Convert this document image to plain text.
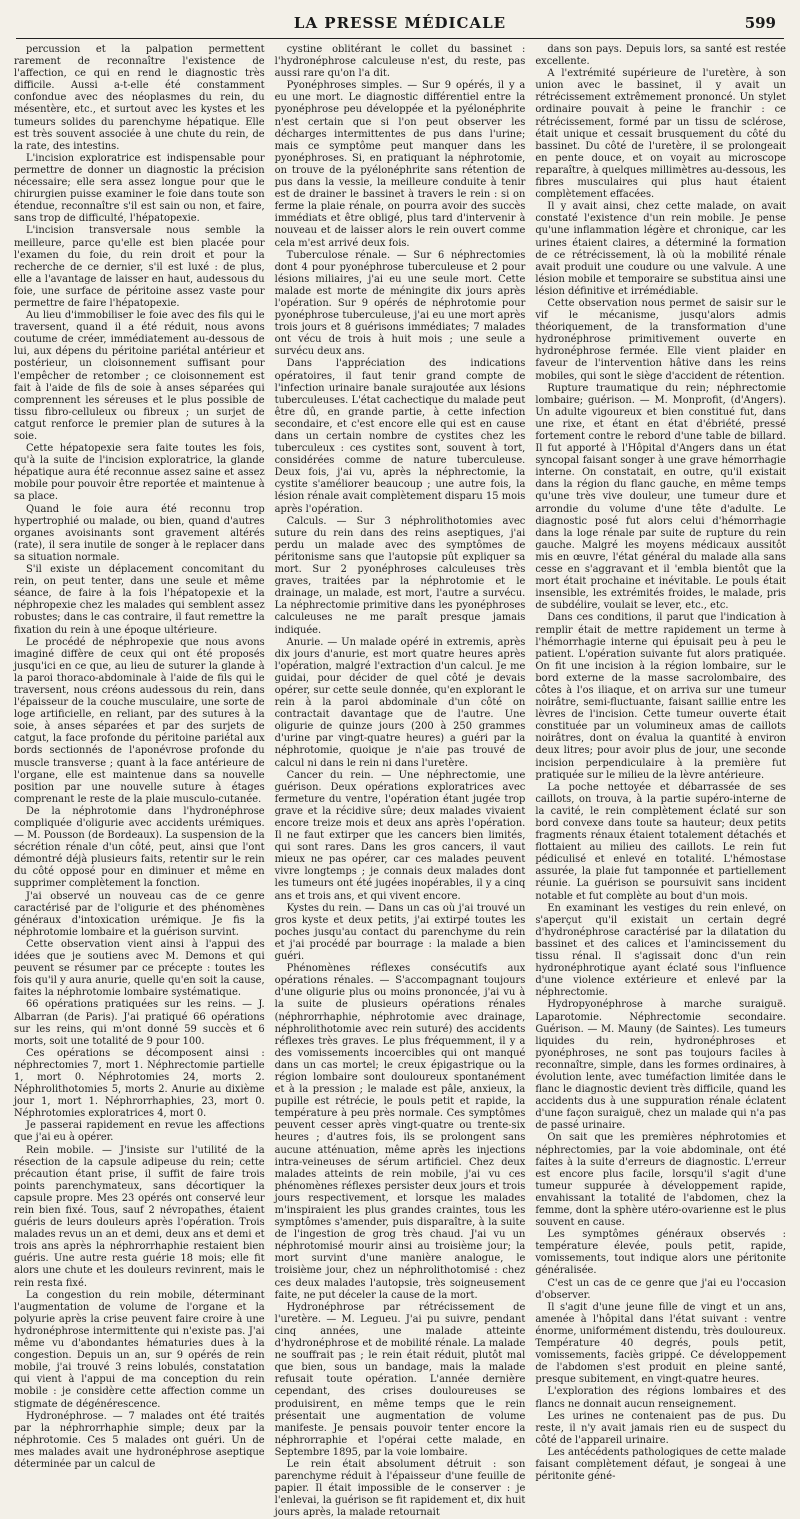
LA PRESSE MÉDICALE	599

percussion et la palpation permettent rarement de reconnaître l'existence de l'affection, ce qui en rend le diagnostic très difficile. Aussi a-t-elle été constamment confondue avec des néoplasmes du rein, du mésentère, etc., et surtout avec les kystes et les tumeurs solides du parenchyme hépatique. Elle est très souvent associée à une chute du rein, de la rate, des intestins.

L'incision exploratrice est indispensable pour permettre de donner un diagnostic la précision nécessaire; elle sera assez longue pour que le chirurgien puisse examiner le foie dans toute son étendue, reconnaître s'il est sain ou non, et faire, sans trop de difficulté, l'hépatopexie.

L'incision transversale nous semble la meilleure, parce qu'elle est bien placée pour l'examen du foie, du rein droit et pour la recherche de ce dernier, s'il est luxé : de plus, elle a l'avantage de laisser en haut, audessous du foie, une surface de péritoine assez vaste pour permettre de faire l'hépatopexie.

Au lieu d'immobiliser le foie avec des fils qui le traversent, quand il a été réduit, nous avons coutume de créer, immédiatement au-dessous de lui, aux dépens du péritoine pariétal antérieur et postérieur, un cloisonnement suffisant pour l'empêcher de retomber ; ce cloisonnement est fait à l'aide de fils de soie à anses séparées qui comprennent les séreuses et le plus possible de tissu fibro-celluleux ou fibreux ; un surjet de catgut renforce le premier plan de sutures à la soie.

Cette hépatopexie sera faite toutes les fois, qu'à la suite de l'incision exploratrice, la glande hépatique aura été reconnue assez saine et assez mobile pour pouvoir être reportée et maintenue à sa place.

Quand le foie aura été reconnu trop hypertrophié ou malade, ou bien, quand d'autres organes avoisinants sont gravement altérés (rate), il sera inutile de songer à le replacer dans sa situation normale.

S'il existe un déplacement concomitant du rein, on peut tenter, dans une seule et même séance, de faire à la fois l'hépatopexie et la néphropexie chez les malades qui semblent assez robustes; dans le cas contraire, il faut remettre la fixation du rein à une époque ultérieure.

Le procédé de néphropexie que nous avons imaginé diffère de ceux qui ont été proposés jusqu'ici en ce que, au lieu de suturer la glande à la paroi thoraco-abdominale à l'aide de fils qui le traversent, nous créons audessous du rein, dans l'épaisseur de la couche musculaire, une sorte de loge artificielle, en reliant, par des sutures à la soie, à anses séparées et par des surjets de catgut, la face profonde du péritoine pariétal aux bords sectionnés de l'aponévrose profonde du muscle transverse ; quant à la face antérieure de l'organe, elle est maintenue dans sa nouvelle position par une nouvelle suture à étages comprenant le reste de la plaie musculo-cutanée.

De la néphrotomie dans l'hydronéphrose compliquée d'oligurie avec accidents urémiques. — M. Pousson (de Bordeaux). La suspension de la sécrétion rénale d'un côté, peut, ainsi que l'ont démontré déjà plusieurs faits, retentir sur le rein du côté opposé pour en diminuer et même en supprimer complètement la fonction.

J'ai observé un nouveau cas de ce genre caractérisé par de l'oligurie et des phénomènes généraux d'intoxication urémique. Je fis la néphrotomie lombaire et la guérison survint.

Cette observation vient ainsi à l'appui des idées que je soutiens avec M. Demons et qui peuvent se résumer par ce précepte : toutes les fois qu'il y aura anurie, quelle qu'en soit la cause, faites la néphrotomie lombaire systématique.

66 opérations pratiquées sur les reins. — J. Albarran (de Paris). J'ai pratiqué 66 opérations sur les reins, qui m'ont donné 59 succès et 6 morts, soit une totalité de 9 pour 100.

Ces opérations se décomposent ainsi : néphrectomies 7, mort 1. Néphrectomie partielle 1, mort 0. Néphrotomies 24, morts 2. Néphrolithotomies 5, morts 2. Anurie au dixième jour 1, mort 1. Néphrorrhaphies, 23, mort 0. Néphrotomies exploratrices 4, mort 0.

Je passerai rapidement en revue les affections que j'ai eu à opérer.

Rein mobile. — J'insiste sur l'utilité de la résection de la capsule adipeuse du rein; cette précaution étant prise, il suffit de faire trois points parenchymateux, sans décortiquer la capsule propre. Mes 23 opérés ont conservé leur rein bien fixé. Tous, sauf 2 névropathes, étaient guéris de leurs douleurs après l'opération. Trois malades revus un an et demi, deux ans et demi et trois ans après la néphrorrhaphie restaient bien guéris. Une autre resta guérie 18 mois; elle fit alors une chute et les douleurs revinrent, mais le rein resta fixé.

La congestion du rein mobile, déterminant l'augmentation de volume de l'organe et la polyurie après la crise peuvent faire croire à une hydronéphrose intermittente qui n'existe pas. J'ai même vu d'abondantes hématuries dues à la congestion. Depuis un an, sur 9 opérés de rein mobile, j'ai trouvé 3 reins lobulés, constatation qui vient à l'appui de ma conception du rein mobile : je considère cette affection comme un stigmate de dégénérescence.

Hydronéphrose. — 7 malades ont été traités par la néphrorrhaphie simple; deux par la néphrotomie. Ces 5 malades ont guéri. Un de mes malades avait une hydronéphrose aseptique déterminée par un calcul de

cystine oblitérant le collet du bassinet : l'hydronéphrose calculeuse n'est, du reste, pas aussi rare qu'on l'a dit.

Pyonéphroses simples. — Sur 9 opérés, il y a eu une mort. Le diagnostic différentiel entre la pyonéphrose peu développée et la pyélonéphrite n'est certain que si l'on peut observer les décharges intermittentes de pus dans l'urine; mais ce symptôme peut manquer dans les pyonéphroses. Si, en pratiquant la néphrotomie, on trouve de la pyélonéphrite sans rétention de pus dans la vessie, la meilleure conduite à tenir est de drainer le bassinet à travers le rein : si on ferme la plaie rénale, on pourra avoir des succès immédiats et être obligé, plus tard d'intervenir à nouveau et de laisser alors le rein ouvert comme cela m'est arrivé deux fois.

Tuberculose rénale. — Sur 6 néphrectomies dont 4 pour pyonéphrose tuberculeuse et 2 pour lésions miliaires, j'ai eu une seule mort. Cette malade est morte de méningite dix jours après l'opération. Sur 9 opérés de néphrotomie pour pyonéphrose tuberculeuse, j'ai eu une mort après trois jours et 8 guérisons immédiates; 7 malades ont vécu de trois à huit mois ; une seule a survécu deux ans.

Dans l'appréciation des indications opératoires, il faut tenir grand compte de l'infection urinaire banale surajoutée aux lésions tuberculeuses. L'état cachectique du malade peut être dû, en grande partie, à cette infection secondaire, et c'est encore elle qui est en cause dans un certain nombre de cystites chez les tuberculeux : ces cystites sont, souvent à tort, considérées comme de nature tuberculeuse. Deux fois, j'ai vu, après la néphrectomie, la cystite s'améliorer beaucoup ; une autre fois, la lésion rénale avait complètement disparu 15 mois après l'opération.

Calculs. — Sur 3 néphrolithotomies avec suture du rein dans des reins aseptiques, j'ai perdu un malade avec des symptômes de péritonisme sans que l'autopsie pût expliquer sa mort. Sur 2 pyonéphroses calculeuses très graves, traitées par la néphrotomie et le drainage, un malade, est mort, l'autre a survécu. La néphrectomie primitive dans les pyonéphroses calculeuses ne me paraît presque jamais indiquée.

Anurie. — Un malade opéré in extremis, après dix jours d'anurie, est mort quatre heures après l'opération, malgré l'extraction d'un calcul. Je me guidai, pour décider de quel côté je devais opérer, sur cette seule donnée, qu'en explorant le rein à la paroi abdominale d'un côté on contractait davantage que de l'autre. Une oligurie de quinze jours (200 à 250 grammes d'urine par vingt-quatre heures) a guéri par la néphrotomie, quoique je n'aie pas trouvé de calcul ni dans le rein ni dans l'uretère.

Cancer du rein. — Une néphrectomie, une guérison. Deux opérations exploratrices avec fermeture du ventre, l'opération étant jugée trop grave et la récidive sûre; deux malades vivaient encore treize mois et deux ans après l'opération. Il ne faut extirper que les cancers bien limités, qui sont rares. Dans les gros cancers, il vaut mieux ne pas opérer, car ces malades peuvent vivre longtemps ; je connais deux malades dont les tumeurs ont été jugées inopérables, il y a cinq ans et trois ans, et qui vivent encore.

Kystes du rein. — Dans un cas où j'ai trouvé un gros kyste et deux petits, j'ai extirpé toutes les poches jusqu'au contact du parenchyme du rein et j'ai procédé par bourrage : la malade a bien guéri.

Phénomènes réflexes consécutifs aux opérations rénales. — S'accompagnant toujours d'une oligurie plus ou moins prononcée, j'ai vu à la suite de plusieurs opérations rénales (néphrorrhaphie, néphrotomie avec drainage, néphrolithotomie avec rein suturé) des accidents réflexes très graves. Le plus fréquemment, il y a des vomissements incoercibles qui ont manqué dans un cas mortel; le creux épigastrique ou la région lombaire sont douloureux spontanément et à la pression ; le malade est pâle, anxieux, la pupille est rétrécie, le pouls petit et rapide, la température à peu près normale. Ces symptômes peuvent cesser après vingt-quatre ou trente-six heures ; d'autres fois, ils se prolongent sans aucune atténuation, même après les injections intra-veineuses de sérum artificiel. Chez deux malades atteints de rein mobile, j'ai vu ces phénomènes réflexes persister deux jours et trois jours respectivement, et lorsque les malades m'inspiraient les plus grandes craintes, tous les symptômes s'amender, puis disparaître, à la suite de l'ingestion de grog très chaud. J'ai vu un néphrotomisé mourir ainsi au troisième jour; la mort survint d'une manière analogue, le troisième jour, chez un néphrolithotomisé : chez ces deux malades l'autopsie, très soigneusement faite, ne put déceler la cause de la mort.

Hydronéphrose par rétrécissement de l'uretère. — M. Legueu. J'ai pu suivre, pendant cinq années, une malade atteinte d'hydronéphrose et de mobilité rénale. La malade ne souffrait pas ; le rein était réduit, plutôt mal que bien, sous un bandage, mais la malade refusait toute opération. L'année dernière cependant, des crises douloureuses se produisirent, en même temps que le rein présentait une augmentation de volume manifeste. Je pensais pouvoir tenter encore la néphrorraphie et l'opérai cette malade, en Septembre 1895, par la voie lombaire.

Le rein était absolument détruit : son parenchyme réduit à l'épaisseur d'une feuille de papier. Il était impossible de le conserver : je l'enlevai, la guérison se fit rapidement et, dix huit jours après, la malade retournait

dans son pays. Depuis lors, sa santé est restée excellente.

A l'extrémité supérieure de l'uretère, à son union avec le bassinet, il y avait un rétrécissement extrêmement prononcé. Un stylet ordinaire pouvait à peine le franchir : ce rétrécissement, formé par un tissu de sclérose, était unique et cessait brusquement du côté du bassinet. Du côté de l'uretère, il se prolongeait en pente douce, et on voyait au microscope reparaître, à quelques millimètres au-dessous, les fibres musculaires qui plus haut étaient complètement effacées.

Il y avait ainsi, chez cette malade, on avait constaté l'existence d'un rein mobile. Je pense qu'une inflammation légère et chronique, car les urines étaient claires, a déterminé la formation de ce rétrécissement, là où la mobilité rénale avait produit une coudure ou une valvule. A une lésion mobile et temporaire se substitua ainsi une lésion définitive et irrémédiable.

Cette observation nous permet de saisir sur le vif le mécanisme, jusqu'alors admis théoriquement, de la transformation d'une hydronéphrose primitivement ouverte en hydronéphrose fermée. Elle vient plaider en faveur de l'intervention hâtive dans les reins mobiles, qui sont le siège d'accident de rétention.

Rupture traumatique du rein; néphrectomie lombaire; guérison. — M. Monprofit, (d'Angers). Un adulte vigoureux et bien constitué fut, dans une rixe, et étant en état d'ébriété, pressé fortement contre le rebord d'une table de billard. Il fut apporté à l'Hôpital d'Angers dans un état syncopal faisant songer à une grave hémorrhagie interne. On constatait, en outre, qu'il existait dans la région du flanc gauche, en même temps qu'une très vive douleur, une tumeur dure et arrondie du volume d'une tête d'adulte. Le diagnostic posé fut alors celui d'hémorrhagie dans la loge rénale par suite de rupture du rein gauche. Malgré les moyens médicaux aussitôt mis en œuvre, l'état général du malade alla sans cesse en s'aggravant et il 'embla bientôt que la mort était prochaine et inévitable. Le pouls était insensible, les extrémités froides, le malade, pris de subdélire, voulait se lever, etc., etc.

Dans ces conditions, il parut que l'indication à remplir était de mettre rapidement un terme à l'hémorrhagie interne qui épuisait peu à peu le patient. L'opération suivante fut alors pratiquée. On fit une incision à la région lombaire, sur le bord externe de la masse sacrolombaire, des côtes à l'os iliaque, et on arriva sur une tumeur noirâtre, semi-fluctuante, faisant saillie entre les lèvres de l'incision. Cette tumeur ouverte était constituée par un volumineux amas de caillots noirâtres, dont on évalua la quantité à environ deux litres; pour avoir plus de jour, une seconde incision perpendiculaire à la première fut pratiquée sur le milieu de la lèvre antérieure.

La poche nettoyée et débarrassée de ses caillots, on trouva, à la partie supéro-interne de la cavité, le rein complètement éclaté sur son bord convexe dans toute sa hauteur; deux petits fragments rénaux étaient totalement détachés et flottaient au milieu des caillots. Le rein fut pédiculisé et enlevé en totalité. L'hémostase assurée, la plaie fut tamponnée et partiellement réunie. La guérison se poursuivit sans incident notable et fut complète au bout d'un mois.

En examinant les vestiges du rein enlevé, on s'aperçut qu'il existait un certain degré d'hydronéphrose caractérisé par la dilatation du bassinet et des calices et l'amincissement du tissu rénal. Il s'agissait donc d'un rein hydronéphrotique ayant éclaté sous l'influence d'une violence extérieure et enlevé par la néphrectomie.

Hydropyonéphrose à marche suraiguë. Laparotomie. Néphrectomie secondaire. Guérison. — M. Mauny (de Saintes). Les tumeurs liquides du rein, hydronéphroses et pyonéphroses, ne sont pas toujours faciles à reconnaître, simple, dans les formes ordinaires, à évolution lente, avec tuméfaction limitée dans le flanc le diagnostic devient très difficile, quand les accidents dus à une suppuration rénale éclatent d'une façon suraiguë, chez un malade qui n'a pas de passé urinaire.

On sait que les premières néphrotomies et néphrectomies, par la voie abdominale, ont été faites à la suite d'erreurs de diagnostic. L'erreur est encore plus facile, lorsqu'il s'agit d'une tumeur suppurée à développement rapide, envahissant la totalité de l'abdomen, chez la femme, dont la sphère utéro-ovarienne est le plus souvent en cause.

Les symptômes généraux observés : température élevée, pouls petit, rapide, vomissements, tout indique alors une péritonite généralisée.

C'est un cas de ce genre que j'ai eu l'occasion d'observer.

Il s'agit d'une jeune fille de vingt et un ans, amenée à l'hôpital dans l'état suivant : ventre énorme, uniformément distendu, très douloureux. Température 40 degrés, pouls petit, vomissements, faciès grippé. Ce développement de l'abdomen s'est produit en pleine santé, presque subitement, en vingt-quatre heures.

L'exploration des régions lombaires et des flancs ne donnait aucun renseignement.

Les urines ne contenaient pas de pus. Du reste, il n'y avait jamais rien eu de suspect du côté de l'appareil urinaire.

Les antécédents pathologiques de cette malade faisant complètement défaut, je songeai à une péritonite géné-
